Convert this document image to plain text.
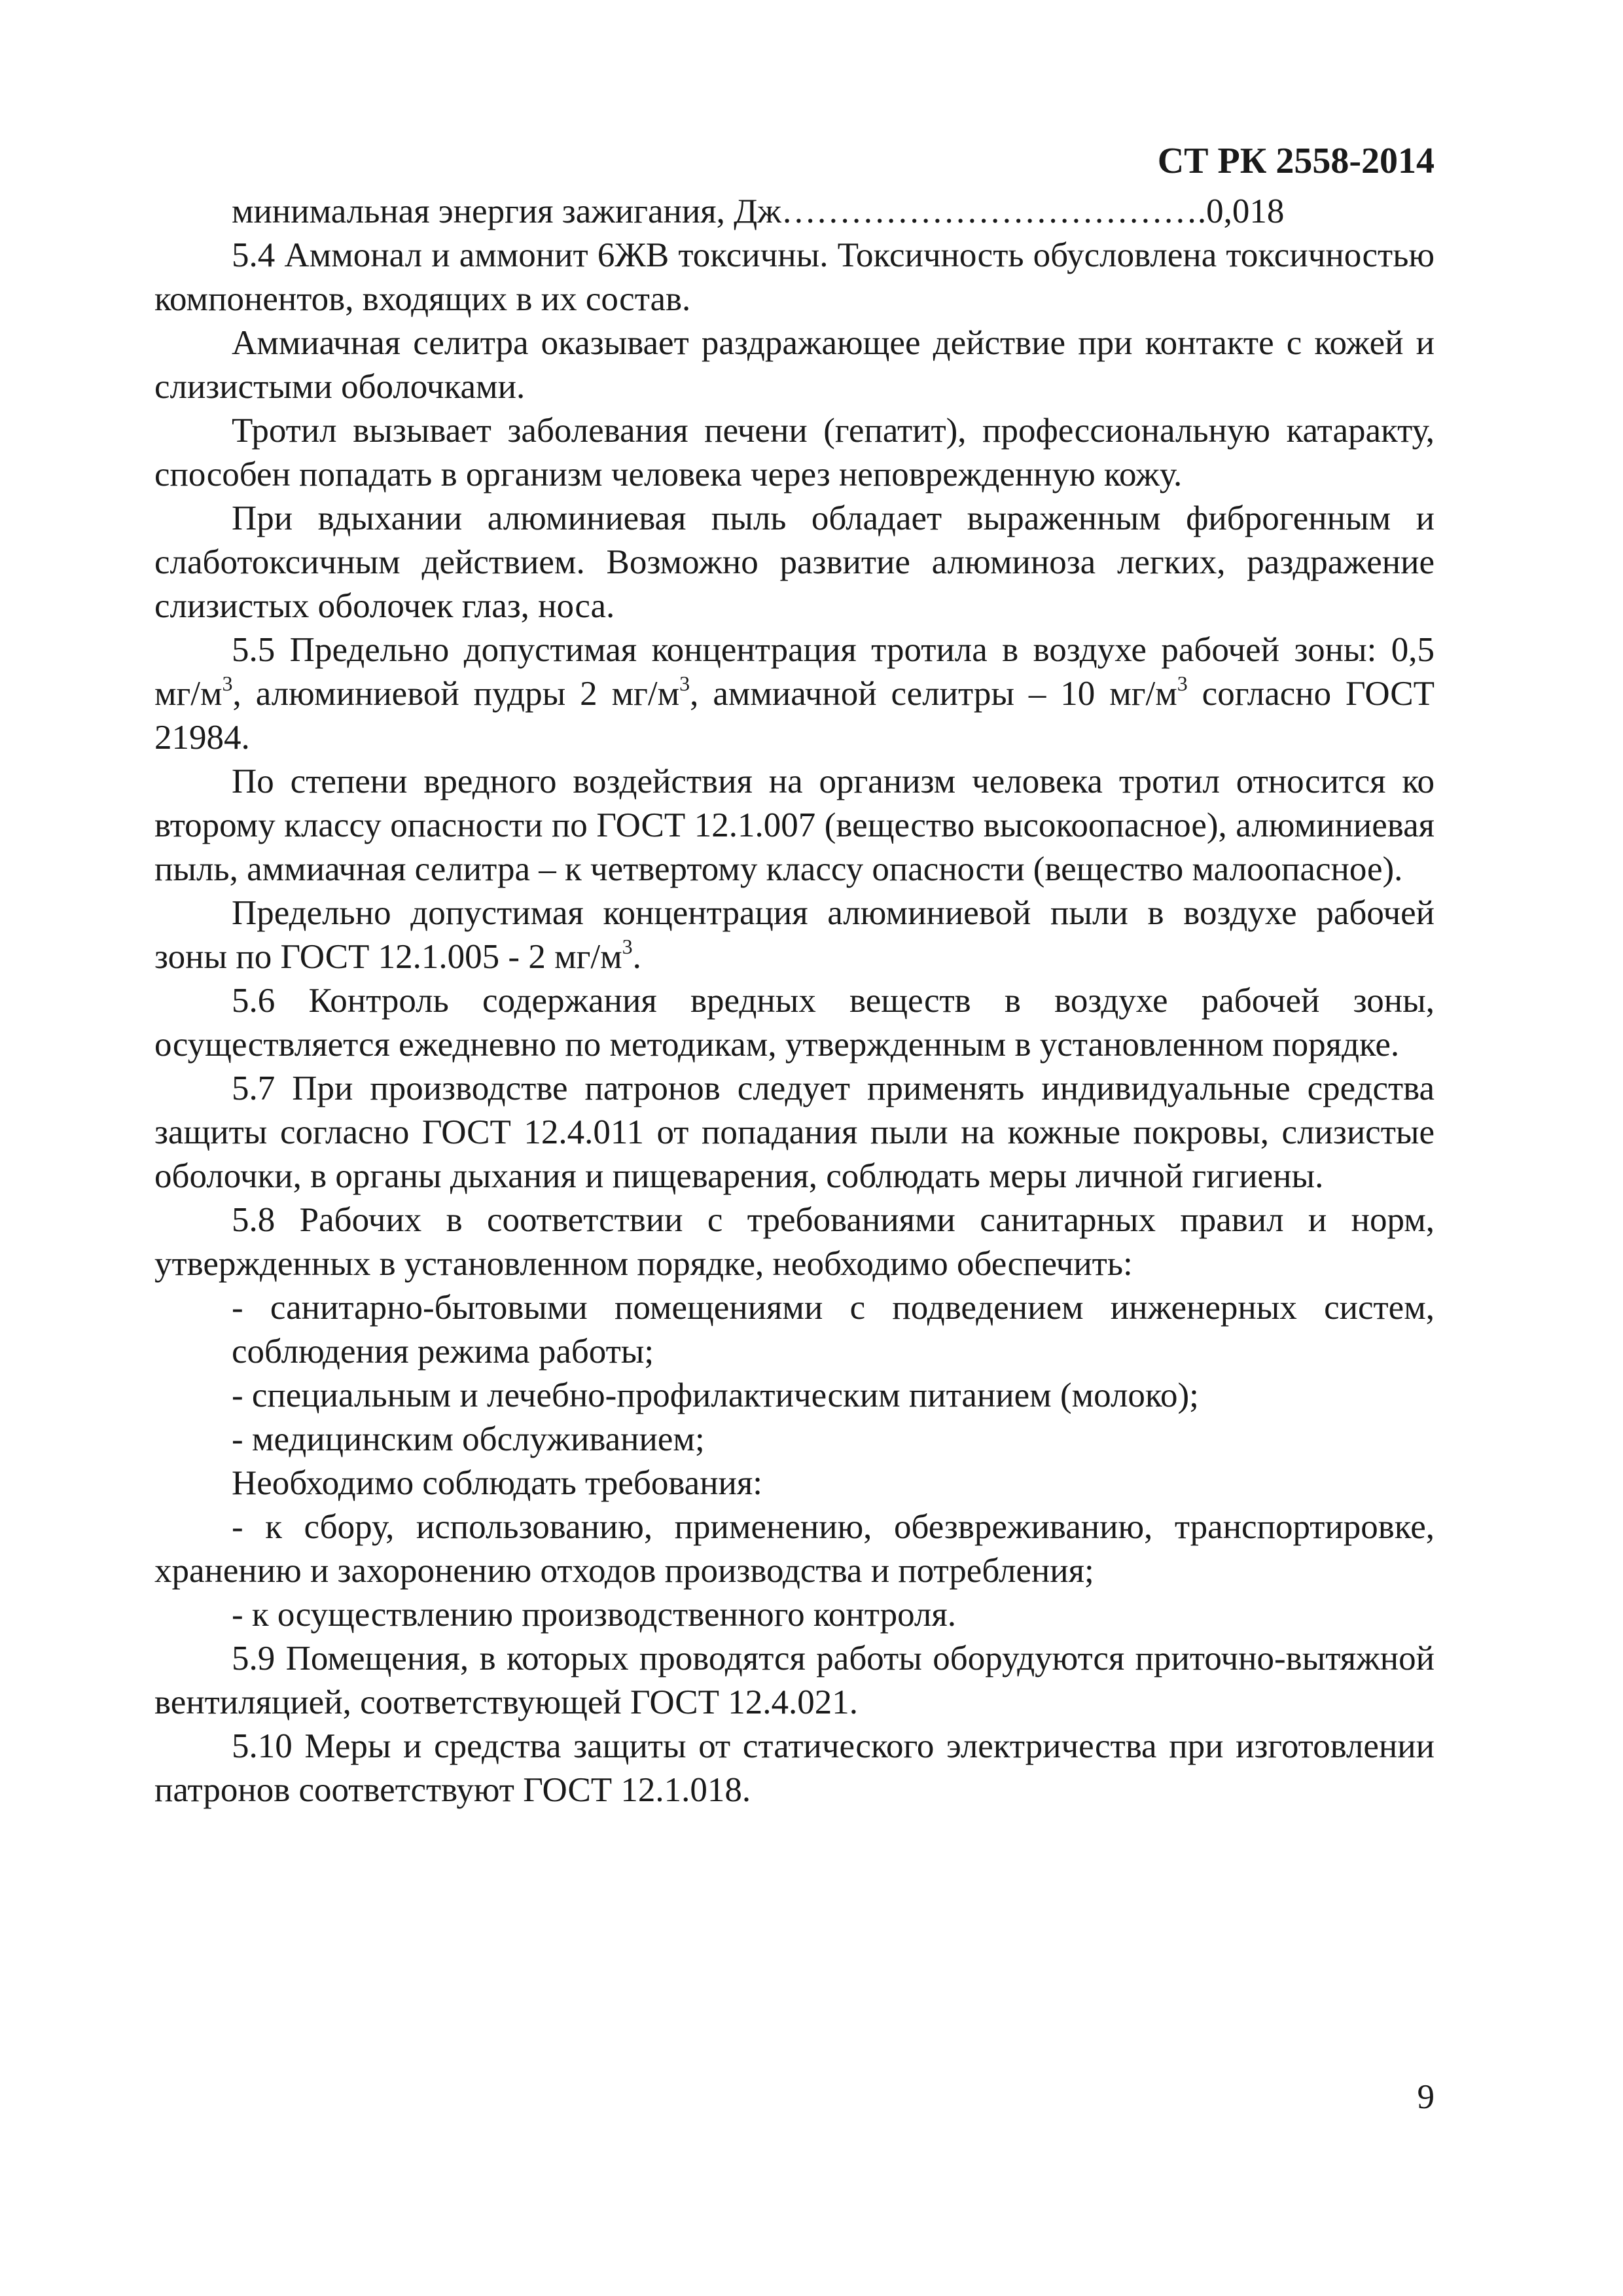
СТ РК 2558-2014

минимальная энергия зажигания, Дж……………………………….0,018

5.4 Аммонал и аммонит 6ЖВ токсичны. Токсичность обусловлена токсичностью компонентов, входящих в их состав.

Аммиачная селитра оказывает раздражающее действие при контакте с кожей и слизистыми оболочками.

Тротил вызывает заболевания печени (гепатит), профессиональную катаракту, способен попадать в организм человека через неповрежденную кожу.

При вдыхании алюминиевая пыль обладает выраженным фиброгенным и слаботоксичным действием. Возможно развитие алюминоза легких, раздражение слизистых оболочек глаз, носа.

5.5 Предельно допустимая концентрация тротила в воздухе рабочей зоны: 0,5 $мг/м^3$, алюминиевой пудры 2 $мг/м^3$, аммиачной селитры – 10 $мг/м^3$ согласно ГОСТ 21984.

По степени вредного воздействия на организм человека тротил относится ко второму классу опасности по ГОСТ 12.1.007 (вещество высокоопасное), алюминиевая пыль, аммиачная селитра – к четвертому классу опасности (вещество малоопасное).

Предельно допустимая концентрация алюминиевой пыли в воздухе рабочей зоны по ГОСТ 12.1.005 - 2 $мг/м^3$.

5.6 Контроль содержания вредных веществ в воздухе рабочей зоны, осуществляется ежедневно по методикам, утвержденным в установленном порядке.

5.7 При производстве патронов следует применять индивидуальные средства защиты согласно ГОСТ 12.4.011 от попадания пыли на кожные покровы, слизистые оболочки, в органы дыхания и пищеварения, соблюдать меры личной гигиены.

5.8 Рабочих в соответствии с требованиями санитарных правил и норм, утвержденных в установленном порядке, необходимо обеспечить:

- санитарно-бытовыми помещениями с подведением инженерных систем, соблюдения режима работы;

- специальным и лечебно-профилактическим питанием (молоко);

- медицинским обслуживанием;

Необходимо соблюдать требования:

- к сбору, использованию, применению, обезвреживанию, транспортировке, хранению и захоронению отходов производства и потребления;

- к осуществлению производственного контроля.

5.9 Помещения, в которых проводятся работы оборудуются приточно-вытяжной вентиляцией, соответствующей ГОСТ 12.4.021.

5.10 Меры и средства защиты от статического электричества при изготовлении патронов соответствуют ГОСТ 12.1.018.

9
